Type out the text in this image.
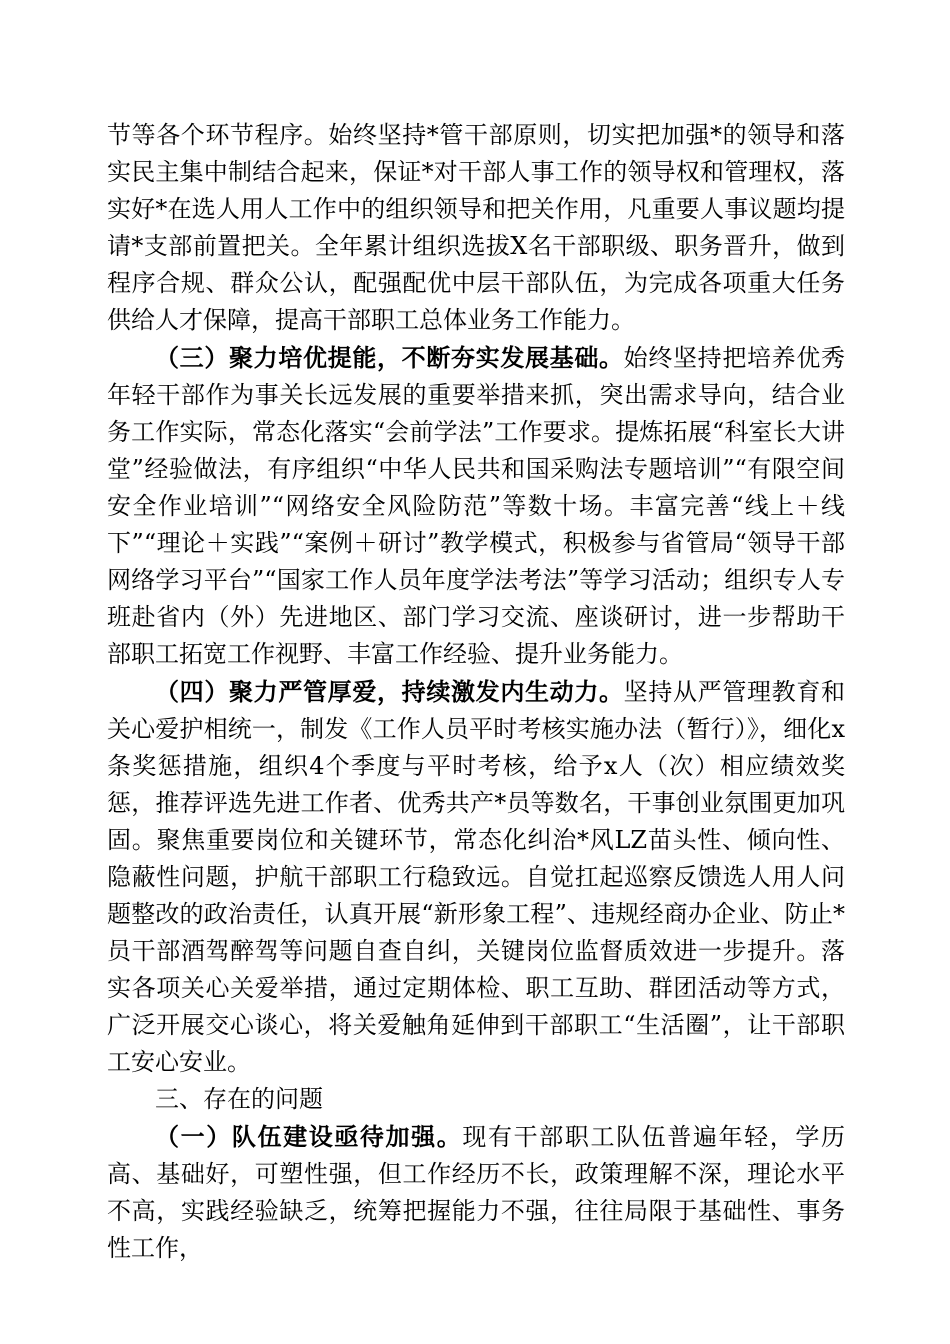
节等各个环节程序。始终坚持*管干部原则，切实把加强*的领导和落实民主集中制结合起来，保证*对干部人事工作的领导权和管理权，落实好*在选人用人工作中的组织领导和把关作用，凡重要人事议题均提请*支部前置把关。全年累计组织选拔X名干部职级、职务晋升，做到程序合规、群众公认，配强配优中层干部队伍，为完成各项重大任务供给人才保障，提高干部职工总体业务工作能力。

（三）聚力培优提能，不断夯实发展基础。始终坚持把培养优秀年轻干部作为事关长远发展的重要举措来抓，突出需求导向，结合业务工作实际，常态化落实“会前学法”工作要求。提炼拓展“科室长大讲堂”经验做法，有序组织“中华人民共和国采购法专题培训”“有限空间安全作业培训”“网络安全风险防范”等数十场。丰富完善“线上＋线下”“理论＋实践”“案例＋研讨”教学模式，积极参与省管局“领导干部网络学习平台”“国家工作人员年度学法考法”等学习活动；组织专人专班赴省内（外）先进地区、部门学习交流、座谈研讨，进一步帮助干部职工拓宽工作视野、丰富工作经验、提升业务能力。

（四）聚力严管厚爱，持续激发内生动力。坚持从严管理教育和关心爱护相统一，制发《工作人员平时考核实施办法（暂行）》，细化x条奖惩措施，组织4个季度与平时考核，给予x人（次）相应绩效奖惩，推荐评选先进工作者、优秀共产*员等数名，干事创业氛围更加巩固。聚焦重要岗位和关键环节，常态化纠治*风LZ苗头性、倾向性、隐蔽性问题，护航干部职工行稳致远。自觉扛起巡察反馈选人用人问题整改的政治责任，认真开展“新形象工程”、违规经商办企业、防止*员干部酒驾醉驾等问题自查自纠，关键岗位监督质效进一步提升。落实各项关心关爱举措，通过定期体检、职工互助、群团活动等方式，广泛开展交心谈心，将关爱触角延伸到干部职工“生活圈”，让干部职工安心安业。

三、存在的问题

（一）队伍建设亟待加强。现有干部职工队伍普遍年轻，学历高、基础好，可塑性强，但工作经历不长，政策理解不深，理论水平不高，实践经验缺乏，统筹把握能力不强，往往局限于基础性、事务性工作，
